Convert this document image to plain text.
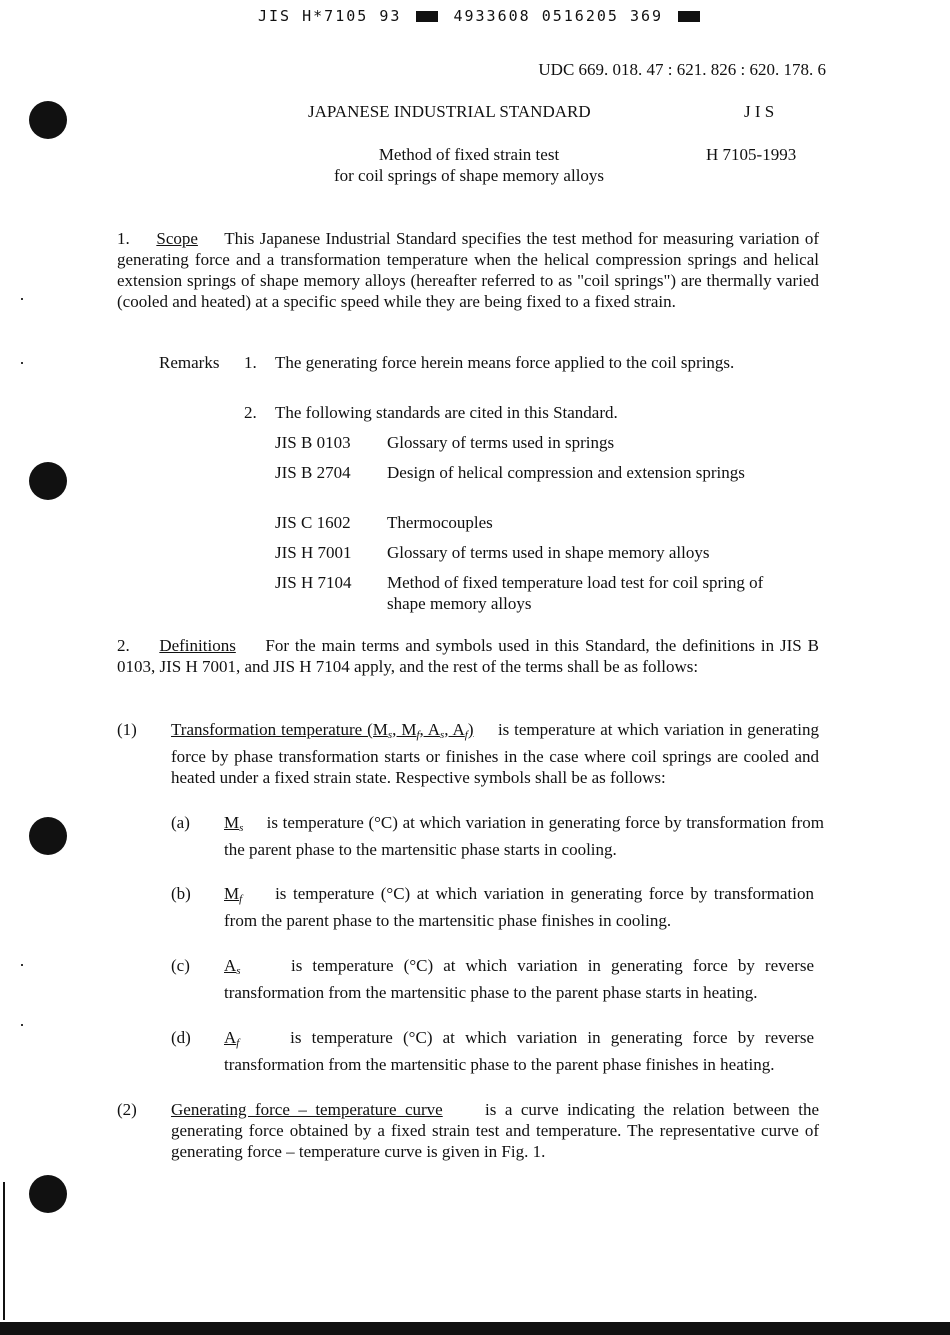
JIS H*7105 93	4933608 0516205 369
UDC 669. 018. 47 : 621. 826 : 620. 178. 6
JAPANESE INDUSTRIAL STANDARD	J I S
Method of fixed strain test
for coil springs of shape memory alloys
H 7105-1993
1. Scope This Japanese Industrial Standard specifies the test method for measuring variation of generating force and a transformation temperature when the helical compression springs and helical extension springs of shape memory alloys (hereafter referred to as "coil springs") are thermally varied (cooled and heated) at a specific speed while they are being fixed to a fixed strain.
Remarks 1. The generating force herein means force applied to the coil springs.
2. The following standards are cited in this Standard.
JIS B 0103 Glossary of terms used in springs
JIS B 2704 Design of helical compression and extension springs
JIS C 1602 Thermocouples
JIS H 7001 Glossary of terms used in shape memory alloys
JIS H 7104 Method of fixed temperature load test for coil spring of shape memory alloys
2. Definitions For the main terms and symbols used in this Standard, the definitions in JIS B 0103, JIS H 7001, and JIS H 7104 apply, and the rest of the terms shall be as follows:
(1) Transformation temperature ($M_s$, $M_f$, $A_s$, $A_f$) is temperature at which variation in generating force by phase transformation starts or finishes in the case where coil springs are cooled and heated under a fixed strain state. Respective symbols shall be as follows:
(a) $M_s$ is temperature (°C) at which variation in generating force by transformation from the parent phase to the martensitic phase starts in cooling.
(b) $M_f$ is temperature (°C) at which variation in generating force by transformation from the parent phase to the martensitic phase finishes in cooling.
(c) $A_s$	is temperature (°C) at which variation in generating force by reverse transformation from the martensitic phase to the parent phase starts in heating.
(d) $A_f$	is temperature (°C) at which variation in generating force by reverse transformation from the martensitic phase to the parent phase finishes in heating.
(2) Generating force – temperature curve is a curve indicating the relation between the generating force obtained by a fixed strain test and temperature. The representative curve of generating force – temperature curve is given in Fig. 1.
